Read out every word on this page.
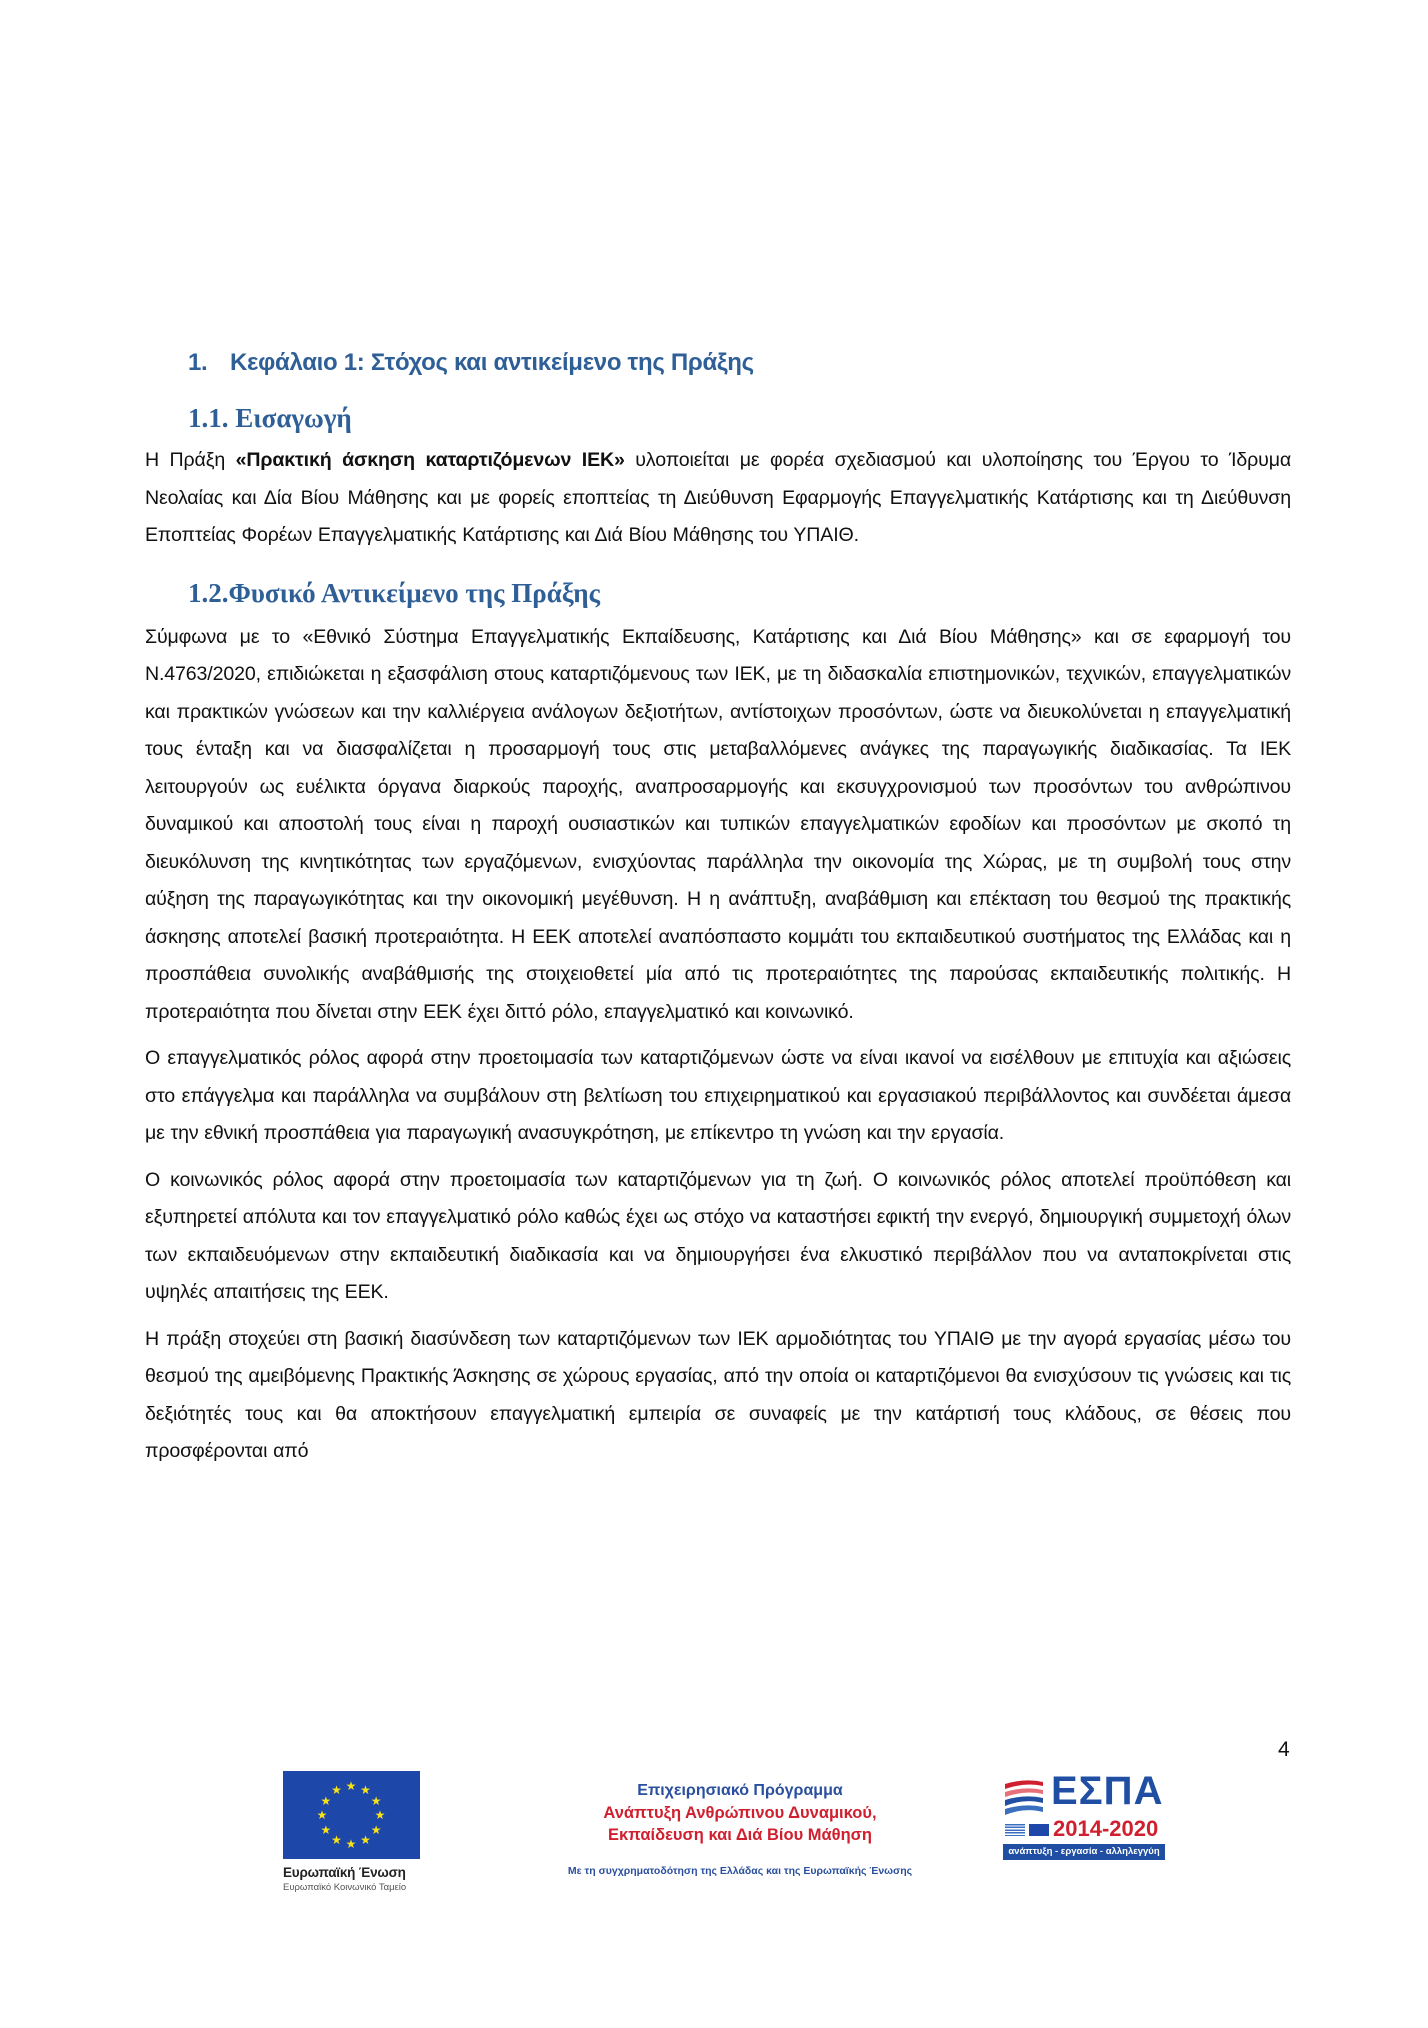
1. Κεφάλαιο 1: Στόχος και αντικείμενο της Πράξης
1.1. Εισαγωγή

Η Πράξη «Πρακτική άσκηση καταρτιζόμενων ΙΕΚ» υλοποιείται με φορέα σχεδιασμού και υλοποίησης του Έργου το Ίδρυμα Νεολαίας και Δία Βίου Μάθησης και με φορείς εποπτείας τη Διεύθυνση Εφαρμογής Επαγγελματικής Κατάρτισης και τη Διεύθυνση Εποπτείας Φορέων Επαγγελματικής Κατάρτισης και Διά Βίου Μάθησης του ΥΠΑΙΘ.

1.2.Φυσικό Αντικείμενο της Πράξης

Σύμφωνα με το «Εθνικό Σύστημα Επαγγελματικής Εκπαίδευσης, Κατάρτισης και Διά Βίου Μάθησης» και σε εφαρμογή του Ν.4763/2020, επιδιώκεται η εξασφάλιση στους καταρτιζόμενους των ΙΕΚ, με τη διδασκαλία επιστημονικών, τεχνικών, επαγγελματικών και πρακτικών γνώσεων και την καλλιέργεια ανάλογων δεξιοτήτων, αντίστοιχων προσόντων, ώστε να διευκολύνεται η επαγγελματική τους ένταξη και να διασφαλίζεται η προσαρμογή τους στις μεταβαλλόμενες ανάγκες της παραγωγικής διαδικασίας. Τα ΙΕΚ λειτουργούν ως ευέλικτα όργανα διαρκούς παροχής, αναπροσαρμογής και εκσυγχρονισμού των προσόντων του ανθρώπινου δυναμικού και αποστολή τους είναι η παροχή ουσιαστικών και τυπικών επαγγελματικών εφοδίων και προσόντων με σκοπό τη διευκόλυνση της κινητικότητας των εργαζόμενων, ενισχύοντας παράλληλα την οικονομία της Χώρας, με τη συμβολή τους στην αύξηση της παραγωγικότητας και την οικονομική μεγέθυνση. Η η ανάπτυξη, αναβάθμιση και επέκταση του θεσμού της πρακτικής άσκησης αποτελεί βασική προτεραιότητα. Η ΕΕΚ αποτελεί αναπόσπαστο κομμάτι του εκπαιδευτικού συστήματος της Ελλάδας και η προσπάθεια συνολικής αναβάθμισής της στοιχειοθετεί μία από τις προτεραιότητες της παρούσας εκπαιδευτικής πολιτικής. Η προτεραιότητα που δίνεται στην ΕΕΚ έχει διττό ρόλο, επαγγελματικό και κοινωνικό.

Ο επαγγελματικός ρόλος αφορά στην προετοιμασία των καταρτιζόμενων ώστε να είναι ικανοί να εισέλθουν με επιτυχία και αξιώσεις στο επάγγελμα και παράλληλα να συμβάλουν στη βελτίωση του επιχειρηματικού και εργασιακού περιβάλλοντος και συνδέεται άμεσα με την εθνική προσπάθεια για παραγωγική ανασυγκρότηση, με επίκεντρο τη γνώση και την εργασία.

Ο κοινωνικός ρόλος αφορά στην προετοιμασία των καταρτιζόμενων για τη ζωή. Ο κοινωνικός ρόλος αποτελεί προϋπόθεση και εξυπηρετεί απόλυτα και τον επαγγελματικό ρόλο καθώς έχει ως στόχο να καταστήσει εφικτή την ενεργό, δημιουργική συμμετοχή όλων των εκπαιδευόμενων στην εκπαιδευτική διαδικασία και να δημιουργήσει ένα ελκυστικό περιβάλλον που να ανταποκρίνεται στις υψηλές απαιτήσεις της ΕΕΚ.

Η πράξη στοχεύει στη βασική διασύνδεση των καταρτιζόμενων των ΙΕΚ αρμοδιότητας του ΥΠΑΙΘ με την αγορά εργασίας μέσω του θεσμού της αμειβόμενης Πρακτικής Άσκησης σε χώρους εργασίας, από την οποία οι καταρτιζόμενοι θα ενισχύσουν τις γνώσεις και τις δεξιότητές τους και θα αποκτήσουν επαγγελματική εμπειρία σε συναφείς με την κατάρτισή τους κλάδους, σε θέσεις που προσφέρονται από

4
★ ★
★
★
★
★
★
★
★
★
★
★
Ευρωπαϊκή Ένωση
Ευρωπαϊκό Κοινωνικό Ταμείο
Επιχειρησιακό Πρόγραμμα
Ανάπτυξη Ανθρώπινου Δυναμικού,
Εκπαίδευση και Διά Βίου Μάθηση
Με τη συγχρηματοδότηση της Ελλάδας και της Ευρωπαϊκής Ένωσης
ΕΣΠΑ
2014-2020
ανάπτυξη - εργασία - αλληλεγγύη
